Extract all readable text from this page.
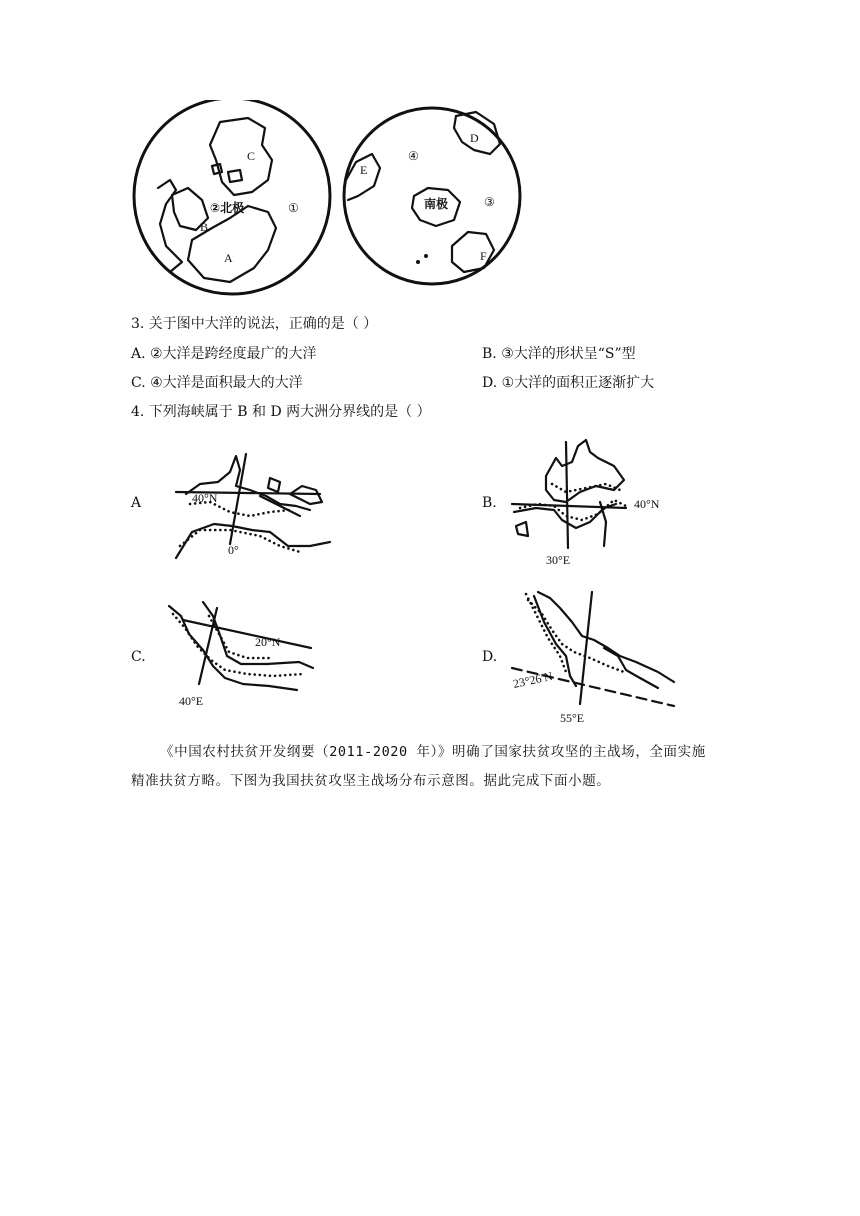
C
B
A
②北极	①
D
E
F
南极
④
③
3. 关于图中大洋的说法，正确的是（ ）
A. ②大洋是跨经度最广的大洋	B. ③大洋的形状呈“S”型
C. ④大洋是面积最大的大洋	D. ①大洋的面积正逐渐扩大
4. 下列海峡属于 B 和 D 两大洲分界线的是（ ）
A	40°N
0°
B.	40°N
30°E
C.
20°N
40°E
D.
23°26′N
55°E
《中国农村扶贫开发纲要（2011-2020 年）》明确了国家扶贫攻坚的主战场，全面实施
精准扶贫方略。下图为我国扶贫攻坚主战场分布示意图。据此完成下面小题。
